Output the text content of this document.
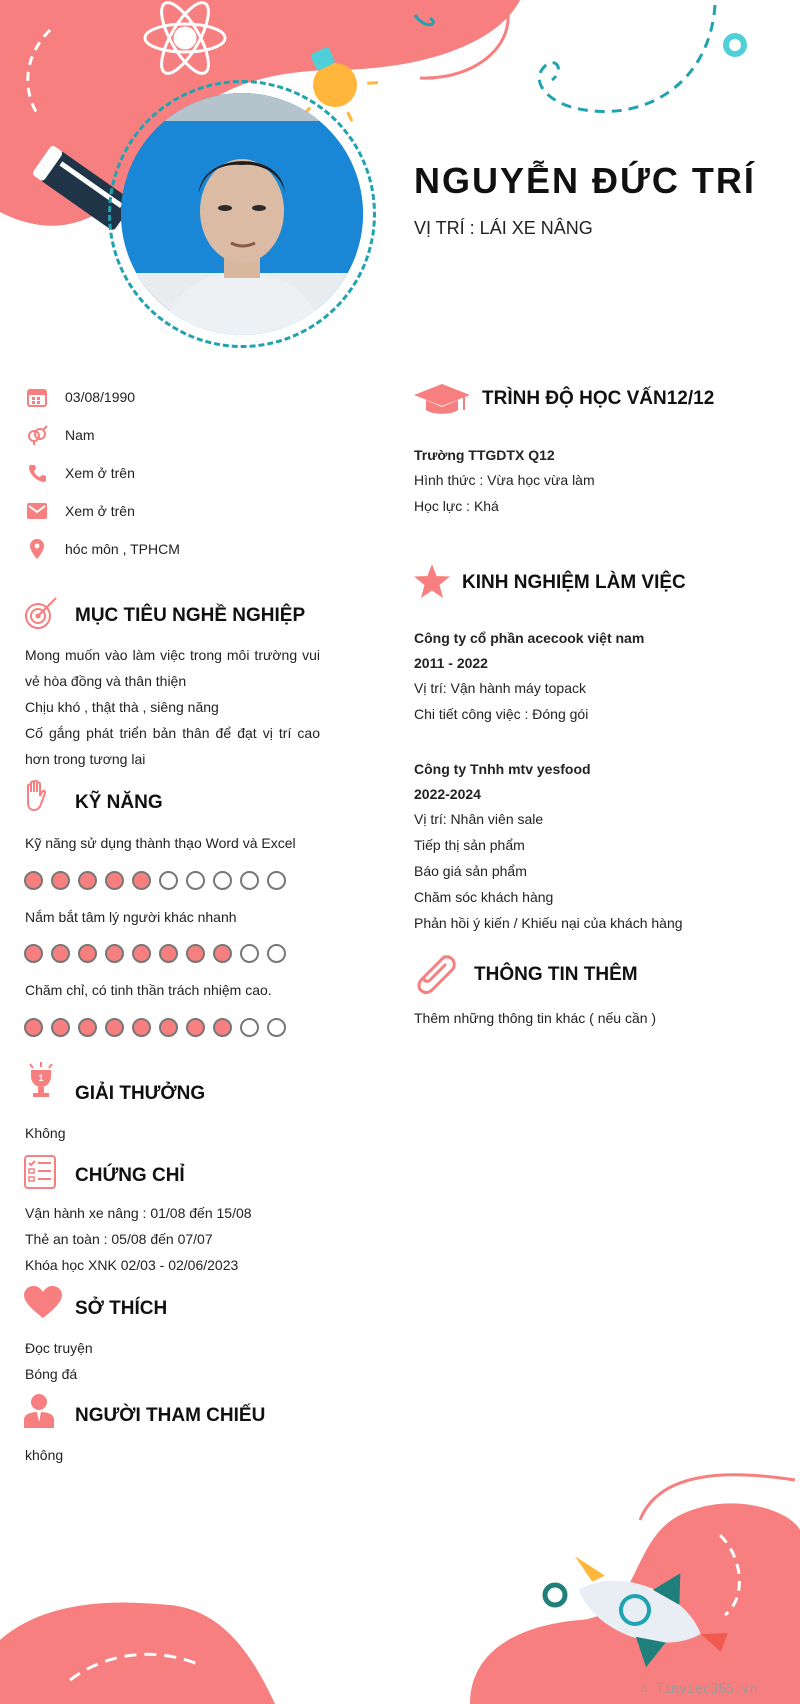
NGUYỄN ĐỨC TRÍ
VỊ TRÍ : LÁI XE NÂNG
03/08/1990
Nam
Xem ở trên
Xem ở trên
hóc môn , TPHCM
MỤC TIÊU NGHỀ NGHIỆP
Mong muốn vào làm việc trong môi trường vui vẻ hòa đồng và thân thiện
Chịu khó , thật thà , siêng năng
Cố gắng phát triển bản thân để đạt vị trí cao hơn trong tương lai
KỸ NĂNG
Kỹ năng sử dụng thành thạo Word và Excel
Nắm bắt tâm lý người khác nhanh
Chăm chỉ, có tinh thần trách nhiệm cao.
1
GIẢI THƯỞNG
Không
CHỨNG CHỈ
Vận hành xe nâng : 01/08 đến 15/08
Thẻ an toàn : 05/08 đến 07/07
Khóa học XNK 02/03 - 02/06/2023
SỞ THÍCH
Đọc truyện
Bóng đá
NGƯỜI THAM CHIẾU
không
TRÌNH ĐỘ HỌC VẤN12/12
Trường TTGDTX Q12
Hình thức : Vừa học vừa làm
Học lực : Khá
KINH NGHIỆM LÀM VIỆC
Công ty cổ phần acecook việt nam
2011 - 2022
Vị trí: Vận hành máy topack
Chi tiết công việc : Đóng gói
Công ty Tnhh mtv yesfood
2022-2024
Vị trí: Nhân viên sale
Tiếp thị sản phẩm
Báo giá sản phẩm
Chăm sóc khách hàng
Phản hồi ý kiến / Khiếu nại của khách hàng
THÔNG TIN THÊM
Thêm những thông tin khác ( nếu cần )
∴ Timviec365.vn
